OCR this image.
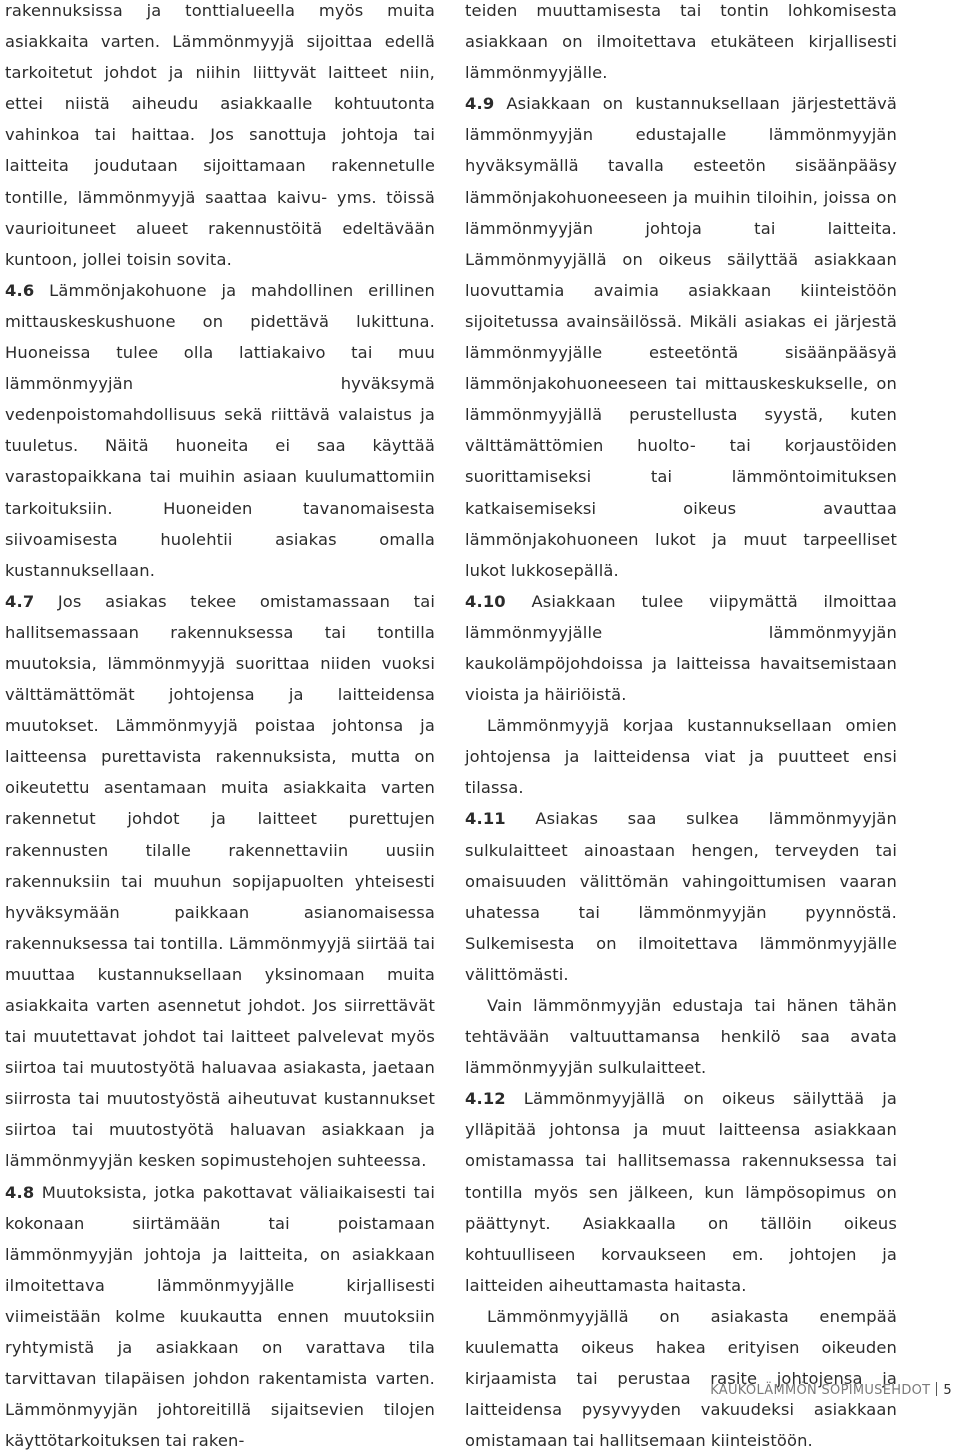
rakennuksissa ja tonttialueella myös muita asiakkaita varten. Lämmönmyyjä sijoittaa edellä tarkoitetut johdot ja niihin liittyvät laitteet niin, ettei niistä aiheudu asiakkaalle kohtuutonta vahinkoa tai haittaa. Jos sanottuja johtoja tai laitteita joudutaan sijoittamaan rakennetulle tontille, lämmönmyyjä saattaa kaivu- yms. töissä vaurioituneet alueet rakennustöitä edeltävään kuntoon, jollei toisin sovita.

4.6 Lämmönjakohuone ja mahdollinen erillinen mittauskeskushuone on pidettävä lukittuna. Huoneissa tulee olla lattiakaivo tai muu lämmönmyyjän hyväksymä vedenpoistomahdollisuus sekä riittävä valaistus ja tuuletus. Näitä huoneita ei saa käyttää varastopaikkana tai muihin asiaan kuulumattomiin tarkoituksiin. Huoneiden tavanomaisesta siivoamisesta huolehtii asiakas omalla kustannuksellaan.

4.7 Jos asiakas tekee omistamassaan tai hallitsemassaan rakennuksessa tai tontilla muutoksia, lämmönmyyjä suorittaa niiden vuoksi välttämättömät johtojensa ja laitteidensa muutokset. Lämmönmyyjä poistaa johtonsa ja laitteensa purettavista rakennuksista, mutta on oikeutettu asentamaan muita asiakkaita varten rakennetut johdot ja laitteet purettujen rakennusten tilalle rakennettaviin uusiin rakennuksiin tai muuhun sopijapuolten yhteisesti hyväksymään paikkaan asianomaisessa rakennuksessa tai tontilla. Lämmönmyyjä siirtää tai muuttaa kustannuksellaan yksinomaan muita asiakkaita varten asennetut johdot. Jos siirrettävät tai muutettavat johdot tai laitteet palvelevat myös siirtoa tai muutostyötä haluavaa asiakasta, jaetaan siirrosta tai muutostyöstä aiheutuvat kustannukset siirtoa tai muutostyötä haluavan asiakkaan ja lämmönmyyjän kesken sopimustehojen suhteessa.

4.8 Muutoksista, jotka pakottavat väliaikaisesti tai kokonaan siirtämään tai poistamaan lämmönmyyjän johtoja ja laitteita, on asiakkaan ilmoitettava lämmönmyyjälle kirjallisesti viimeistään kolme kuukautta ennen muutoksiin ryhtymistä ja asiakkaan on varattava tila tarvittavan tilapäisen johdon rakentamista varten. Lämmönmyyjän johtoreitillä sijaitsevien tilojen käyttötarkoituksen tai raken-

teiden muuttamisesta tai tontin lohkomisesta asiakkaan on ilmoitettava etukäteen kirjallisesti lämmönmyyjälle.

4.9 Asiakkaan on kustannuksellaan järjestettävä lämmönmyyjän edustajalle lämmönmyyjän hyväksymällä tavalla esteetön sisäänpääsy lämmönjakohuoneeseen ja muihin tiloihin, joissa on lämmönmyyjän johtoja tai laitteita. Lämmönmyyjällä on oikeus säilyttää asiakkaan luovuttamia avaimia asiakkaan kiinteistöön sijoitetussa avainsäilössä. Mikäli asiakas ei järjestä lämmönmyyjälle esteetöntä sisäänpääsyä lämmönjakohuoneeseen tai mittauskeskukselle, on lämmönmyyjällä perustellusta syystä, kuten välttämättömien huolto- tai korjaustöiden suorittamiseksi tai lämmöntoimituksen katkaisemiseksi oikeus avauttaa lämmönjakohuoneen lukot ja muut tarpeelliset lukot lukkosepällä.

4.10 Asiakkaan tulee viipymättä ilmoittaa lämmönmyyjälle lämmönmyyjän kaukolämpöjohdoissa ja laitteissa havaitsemistaan vioista ja häiriöistä.

Lämmönmyyjä korjaa kustannuksellaan omien johtojensa ja laitteidensa viat ja puutteet ensi tilassa.

4.11 Asiakas saa sulkea lämmönmyyjän sulkulaitteet ainoastaan hengen, terveyden tai omaisuuden välittömän vahingoittumisen vaaran uhatessa tai lämmönmyyjän pyynnöstä. Sulkemisesta on ilmoitettava lämmönmyyjälle välittömästi.

Vain lämmönmyyjän edustaja tai hänen tähän tehtävään valtuuttamansa henkilö saa avata lämmönmyyjän sulkulaitteet.

4.12 Lämmönmyyjällä on oikeus säilyttää ja ylläpitää johtonsa ja muut laitteensa asiakkaan omistamassa tai hallitsemassa rakennuksessa tai tontilla myös sen jälkeen, kun lämpösopimus on päättynyt. Asiakkaalla on tällöin oikeus kohtuulliseen korvaukseen em. johtojen ja laitteiden aiheuttamasta haitasta.

Lämmönmyyjällä on asiakasta enempää kuulematta oikeus hakea erityisen oikeuden kirjaamista tai perustaa rasite johtojensa ja laitteidensa pysyvyyden vakuudeksi asiakkaan omistamaan tai hallitsemaan kiinteistöön.

KAUKOLÄMMÖN SOPIMUSEHDOT 5
